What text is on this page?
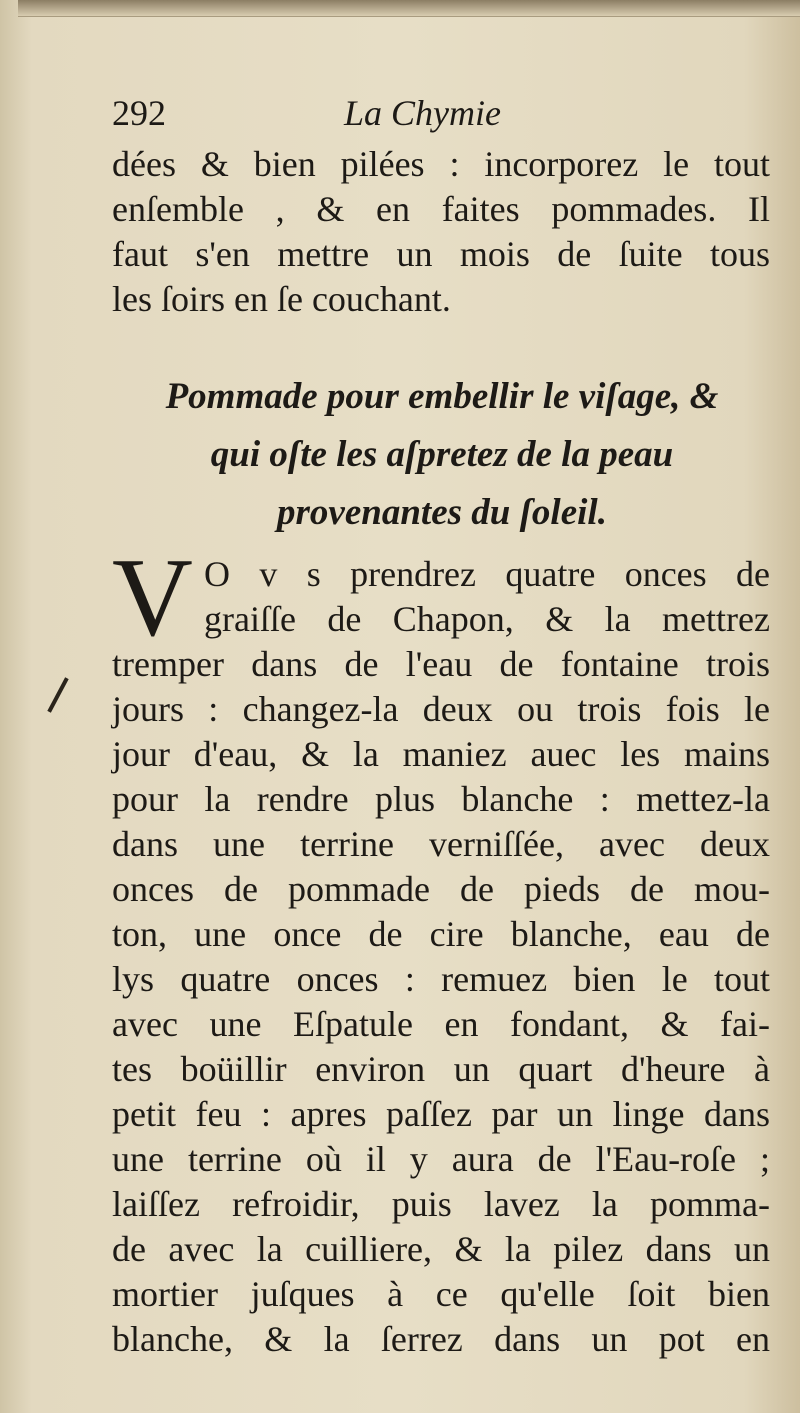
292	La Chymie
dées & bien pilées : incorporez le tout
enſemble , & en faites pommades. Il
faut s'en mettre un mois de ſuite tous
les ſoirs en ſe couchant.
Pommade pour embellir le viſage, &
qui oſte les aſpretez de la peau
provenantes du ſoleil.
V O v s prendrez quatre onces de
graiſſe de Chapon, & la mettrez
tremper dans de l'eau de fontaine trois
jours : changez-la deux ou trois fois le
jour d'eau, & la maniez auec les mains
pour la rendre plus blanche : mettez-la
dans une terrine verniſſée, avec deux
onces de pommade de pieds de mou-
ton, une once de cire blanche, eau de
lys quatre onces : remuez bien le tout
avec une Eſpatule en fondant, & fai-
tes boüillir environ un quart d'heure à
petit feu : apres paſſez par un linge dans
une terrine où il y aura de l'Eau-roſe ;
laiſſez refroidir, puis lavez la pomma-
de avec la cuilliere, & la pilez dans un
mortier juſques à ce qu'elle ſoit bien
blanche, & la ſerrez dans un pot en
